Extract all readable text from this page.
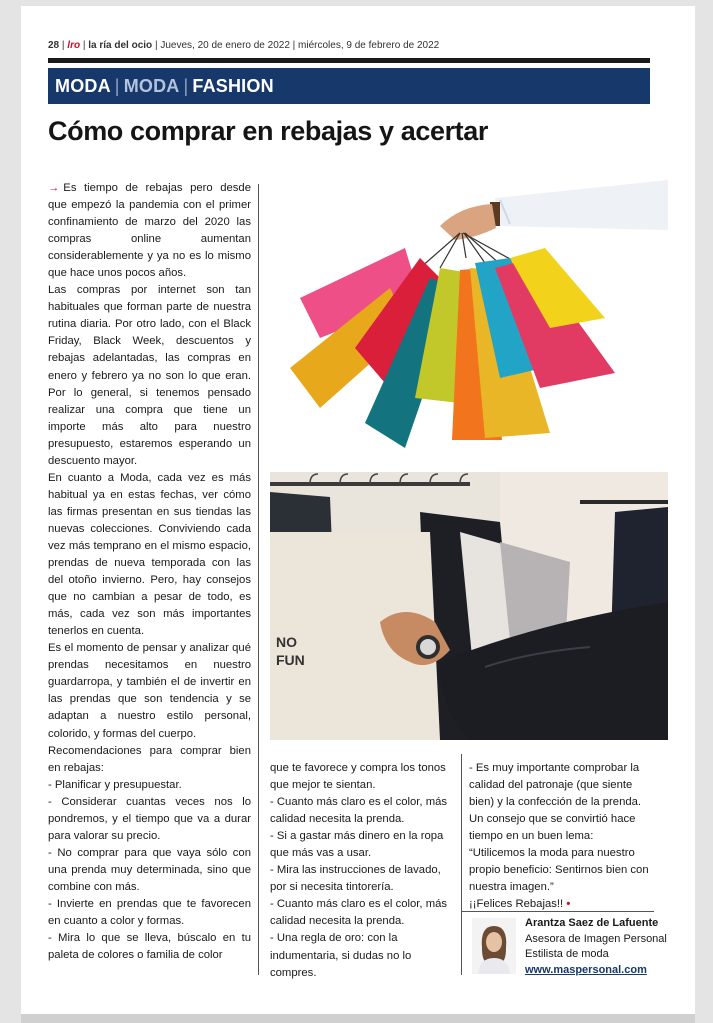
28 | lro | la ría del ocio | Jueves, 20 de enero de 2022 | miércoles, 9 de febrero de 2022
MODA | MODA | FASHION
Cómo comprar en rebajas y acertar

→ Es tiempo de rebajas pero desde que empezó la pandemia con el primer confinamiento de marzo del 2020 las compras online aumentan considerablemente y ya no es lo mismo que hace unos pocos años.

Las compras por internet son tan habituales que forman parte de nuestra rutina diaria. Por otro lado, con el Black Friday, Black Week, descuentos y rebajas adelantadas, las compras en enero y febrero ya no son lo que eran. Por lo general, si tenemos pensado realizar una compra que tiene un importe más alto para nuestro presupuesto, estaremos esperando un descuento mayor.

En cuanto a Moda, cada vez es más habitual ya en estas fechas, ver cómo las firmas presentan en sus tiendas las nuevas colecciones. Conviviendo cada vez más temprano en el mismo espacio, prendas de nueva temporada con las del otoño invierno. Pero, hay consejos que no cambian a pesar de todo, es más, cada vez son más importantes tenerlos en cuenta.

Es el momento de pensar y analizar qué prendas necesitamos en nuestro guardarropa, y también el de invertir en las prendas que son tendencia y se adaptan a nuestro estilo personal, colorido, y formas del cuerpo.

Recomendaciones para comprar bien en rebajas:

- Planificar y presupuestar.

- Considerar cuantas veces nos lo pondremos, y el tiempo que va a durar para valorar su precio.

- No comprar para que vaya sólo con una prenda muy determinada, sino que combine con más.

- Invierte en prendas que te favorecen en cuanto a color y formas.

- Mira lo que se lleva, búscalo en tu paleta de colores o familia de color

NO
FUN

que te favorece y compra los tonos que mejor te sientan.

- Cuanto más claro es el color, más calidad necesita la prenda.

- Si a gastar más dinero en la ropa que más vas a usar.

- Mira las instrucciones de lavado, por si necesita tintorería.

- Cuanto más claro es el color, más calidad necesita la prenda.

- Una regla de oro: con la indumentaria, si dudas no lo compres.

- Es muy importante comprobar la calidad del patronaje (que siente bien) y la confección de la prenda.

Un consejo que se convirtió hace tiempo en un buen lema:

“Utilicemos la moda para nuestro propio beneficio: Sentirnos bien con nuestra imagen.”

¡¡Felices Rebajas!! •

Arantza Saez de Lafuente
Asesora de Imagen Personal
Estilista de moda
www.maspersonal.com
